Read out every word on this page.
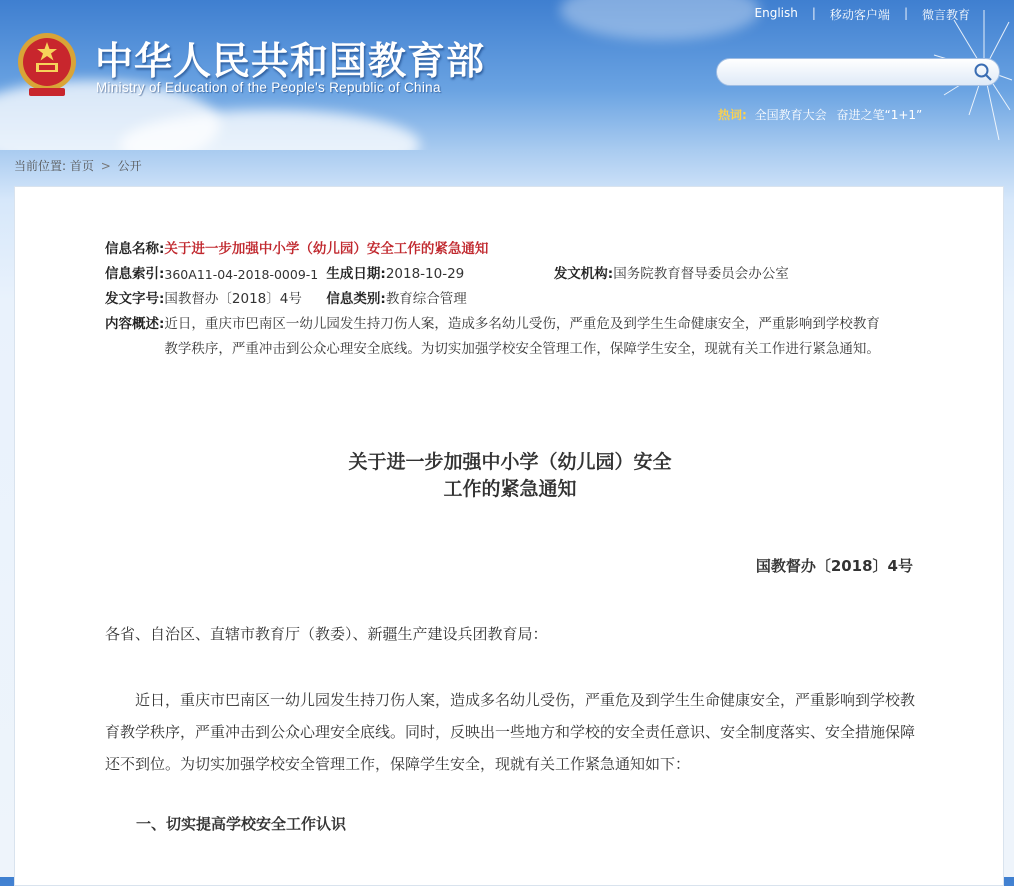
中华人民共和国教育部
Ministry of Education of the People's Republic of China
English	|	移动客户端	|	微言教育
热词: 全国教育大会 奋进之笔“1+1”
当前位置: 首页 > 公开
信息名称: 关于进一步加强中小学（幼儿园）安全工作的紧急通知
信息索引: 360A11-04-2018-0009-1 生成日期: 2018-10-29	发文机构: 国务院教育督导委员会办公室
发文字号: 国教督办〔2018〕4号	信息类别: 教育综合管理
内容概述: 近日，重庆市巴南区一幼儿园发生持刀伤人案，造成多名幼儿受伤，严重危及到学生生命健康安全，严重影响到学校教育教学秩序，严重冲击到公众心理安全底线。为切实加强学校安全管理工作，保障学生安全，现就有关工作进行紧急通知。
关于进一步加强中小学（幼儿园）安全
工作的紧急通知
国教督办〔2018〕4号
各省、自治区、直辖市教育厅（教委）、新疆生产建设兵团教育局：
近日，重庆市巴南区一幼儿园发生持刀伤人案，造成多名幼儿受伤，严重危及到学生生命健康安全，严重影响到学校教育教学秩序，严重冲击到公众心理安全底线。同时，反映出一些地方和学校的安全责任意识、安全制度落实、安全措施保障还不到位。为切实加强学校安全管理工作，保障学生安全，现就有关工作紧急通知如下：
一、切实提高学校安全工作认识
